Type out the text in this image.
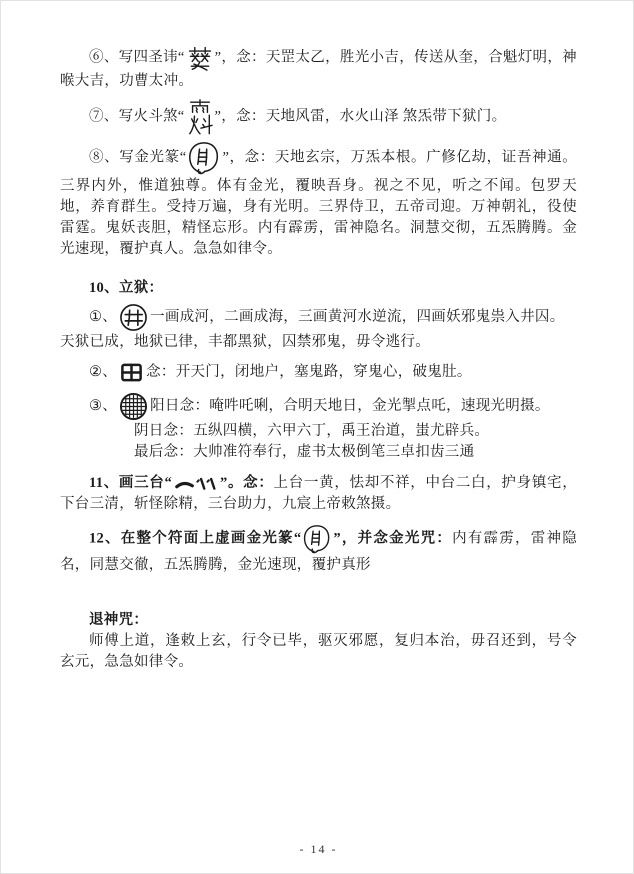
⑥、写四圣讳“ ”，念：天罡太乙，胜光小吉，传送从奎，合魁灯明，神喉大吉，功曹太冲。

⑦、写火斗煞“ ”，念：天地风雷，水火山泽 煞炁带下狱门。

⑧、写金光篆“ ”，念：天地玄宗，万炁本根。广修亿劫，证吾神通。三界内外，惟道独尊。体有金光，覆映吾身。视之不见，听之不闻。包罗天地，养育群生。受持万遍，身有光明。三界侍卫，五帝司迎。万神朝礼，役使雷霆。鬼妖丧胆，精怪忘形。内有霹雳，雷神隐名。洞慧交彻，五炁腾腾。金光速现，覆护真人。急急如律令。

10、立狱：

①、 一画成河，二画成海，三画黄河水逆流，四画妖邪鬼祟入井囚。

天狱已成，地狱已律，丰都黑狱，囚禁邪鬼，毋令逃行。

②、 念：开天门，闭地户，塞鬼路，穿鬼心，破鬼肚。

③、 阳日念：唵吽吒唎，合明天地日，金光掣点吒，速现光明摄。

阴日念：五纵四横，六甲六丁，禹王治道，蚩尤辟兵。

最后念：大帅准符奉行，虚书太极倒笔三卓扣齿三通

11、画三台“	”。念：上台一黄，怯却不祥，中台二白，护身镇宅，下台三清，斩怪除精，三台助力，九宸上帝敕煞摄。

12、在整个符面上虚画金光篆“ ”，并念金光咒：内有霹雳，雷神隐名，同慧交徹，五炁腾腾，金光速现，覆护真形

退神咒：

师傅上道，逢敕上玄，行令已毕，驱灭邪愿，复归本治，毋召还到，号令玄元，急急如律令。

- 14 -
